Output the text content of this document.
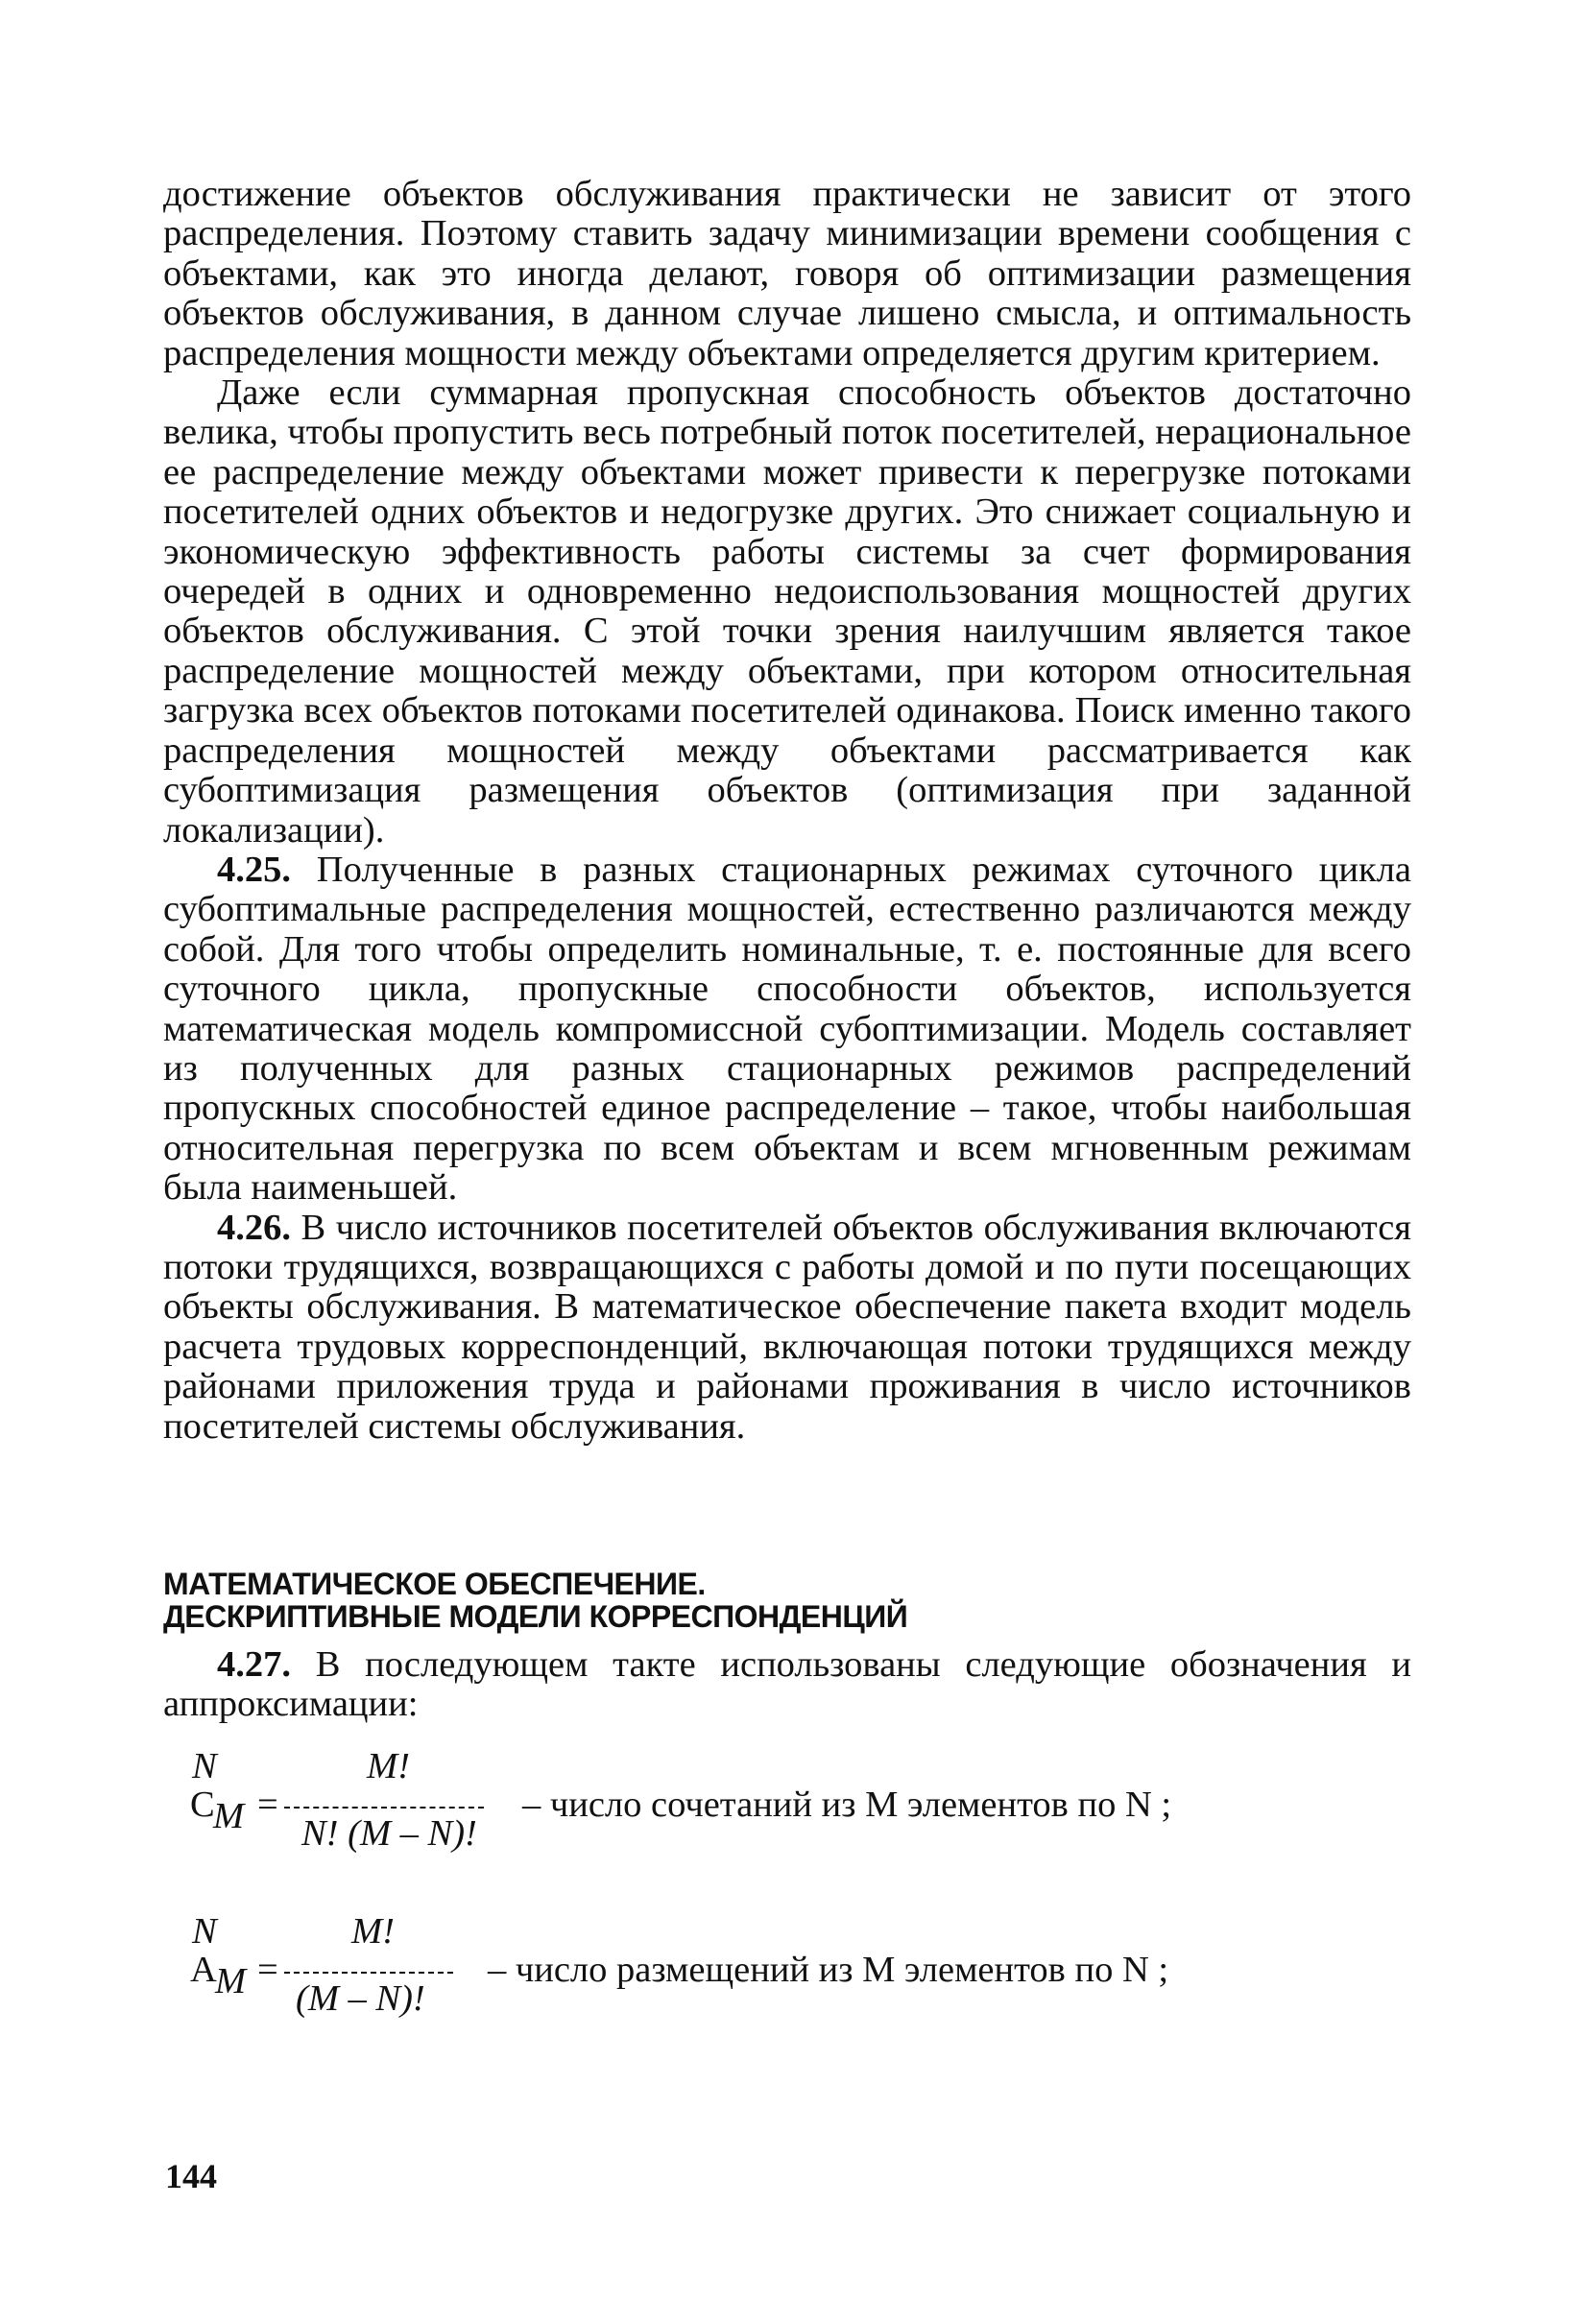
достижение объектов обслуживания практически не зависит от этого распределения. Поэтому ставить задачу минимизации времени сообщения с объектами, как это иногда делают, говоря об оптимизации размещения объектов обслуживания, в данном случае лишено смысла, и оптимальность распределения мощности между объектами определяется другим критерием.

Даже если суммарная пропускная способность объектов достаточно велика, чтобы пропустить весь потребный поток посетителей, нерациональное ее распределение между объектами может привести к перегрузке потоками посетителей одних объектов и недогрузке других. Это снижает социальную и экономическую эффективность работы системы за счет формирования очередей в одних и одновременно недоиспользования мощностей других объектов обслуживания. С этой точки зрения наилучшим является такое распределение мощностей между объектами, при котором относительная загрузка всех объектов потоками посетителей одинакова. Поиск именно такого распределения мощностей между объектами рассматривается как субоптимизация размещения объектов (оптимизация при заданной локализации).

4.25. Полученные в разных стационарных режимах суточного цикла субоптимальные распределения мощностей, естественно различаются между собой. Для того чтобы определить номинальные, т. е. постоянные для всего суточного цикла, пропускные способности объектов, используется математическая модель компромиссной субоптимизации. Модель составляет из полученных для разных стационарных режимов распределений пропускных способностей единое распределение – такое, чтобы наибольшая относительная перегрузка по всем объектам и всем мгновенным режимам была наименьшей.

4.26. В число источников посетителей объектов обслуживания включаются потоки трудящихся, возвращающихся с работы домой и по пути посещающих объекты обслуживания. В математическое обеспечение пакета входит модель расчета трудовых корреспонденций, включающая потоки трудящихся между районами приложения труда и районами проживания в число источников посетителей системы обслуживания.

МАТЕМАТИЧЕСКОЕ ОБЕСПЕЧЕНИЕ.
ДЕСКРИПТИВНЫЕ МОДЕЛИ КОРРЕСПОНДЕНЦИЙ

4.27. В последующем такте использованы следующие обозначения и аппроксимации:

N
C
M =
M!
N! (M – N)!
– число сочетаний из M элементов по N ;
N
A
M =
M!
(M – N)!
– число размещений из M элементов по N ;
144
